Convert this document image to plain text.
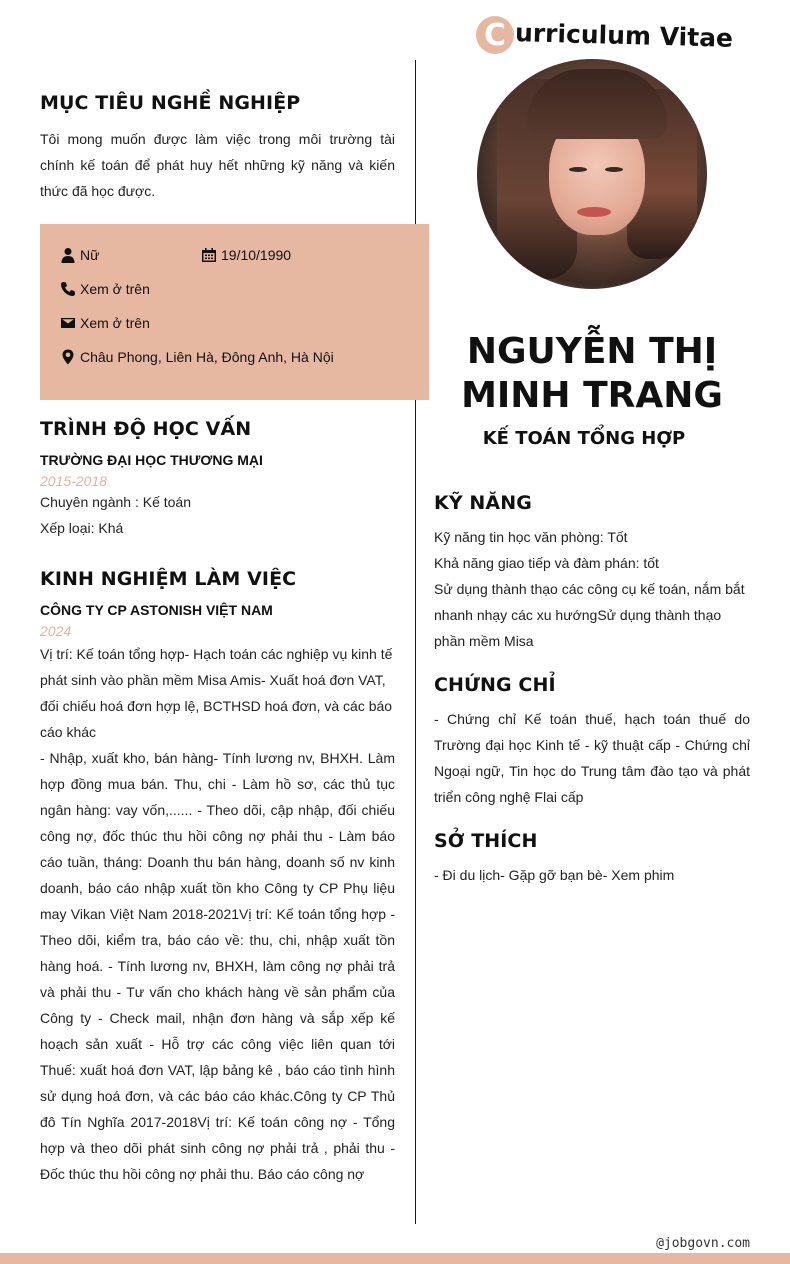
C urriculum Vitae
MỤC TIÊU NGHỀ NGHIỆP

Tôi mong muốn được làm việc trong môi trường tài chính kế toán để phát huy hết những kỹ năng và kiến thức đã học được.

Nữ	19/10/1990
Xem ở trên
Xem ở trên
Châu Phong, Liên Hà, Đông Anh, Hà Nội
TRÌNH ĐỘ HỌC VẤN
TRƯỜNG ĐẠI HỌC THƯƠNG MẠI
2015-2018
Chuyên ngành : Kế toán
Xếp loại: Khá
KINH NGHIỆM LÀM VIỆC
CÔNG TY CP ASTONISH VIỆT NAM
2024

Vị trí: Kế toán tổng hợp- Hạch toán các nghiệp vụ kinh tế phát sinh vào phần mềm Misa Amis- Xuất hoá đơn VAT, đối chiếu hoá đơn hợp lệ, BCTHSD hoá đơn, và các báo cáo khác

- Nhập, xuất kho, bán hàng- Tính lương nv, BHXH. Làm hợp đồng mua bán. Thu, chi - Làm hồ sơ, các thủ tục ngân hàng: vay vốn,...... - Theo dõi, cập nhập, đối chiếu công nợ, đốc thúc thu hồi công nợ phải thu - Làm báo cáo tuần, tháng: Doanh thu bán hàng, doanh số nv kinh doanh, báo cáo nhập xuất tồn kho Công ty CP Phụ liệu may Vikan Việt Nam 2018-2021Vị trí: Kế toán tổng hợp - Theo dõi, kiểm tra, báo cáo về: thu, chi, nhập xuất tồn hàng hoá. - Tính lương nv, BHXH, làm công nợ phải trả và phải thu - Tư vấn cho khách hàng về sản phẩm của Công ty - Check mail, nhận đơn hàng và sắp xếp kế hoạch sản xuất - Hỗ trợ các công việc liên quan tới Thuế: xuất hoá đơn VAT, lập bảng kê , báo cáo tình hình sử dụng hoá đơn, và các báo cáo khác.Công ty CP Thủ đô Tín Nghĩa 2017-2018Vị trí: Kế toán công nợ - Tổng hợp và theo dõi phát sinh công nợ phải trả , phải thu - Đốc thúc thu hồi công nợ phải thu. Báo cáo công nợ

NGUYỄN THỊ
MINH TRANG
KẾ TOÁN TỔNG HỢP
KỸ NĂNG
Kỹ năng tin học văn phòng: Tốt
Khả năng giao tiếp và đàm phán: tốt
Sử dụng thành thạo các công cụ kế toán, nắm bắt nhanh nhạy các xu hướngSử dụng thành thạo phần mềm Misa
CHỨNG CHỈ

- Chứng chỉ Kế toán thuế, hạch toán thuế do Trường đại học Kinh tế - kỹ thuật cấp - Chứng chỉ Ngoại ngữ, Tin học do Trung tâm đào tạo và phát triển công nghệ Flai cấp

SỞ THÍCH

- Đi du lịch- Gặp gỡ bạn bè- Xem phim

@jobgovn.com
